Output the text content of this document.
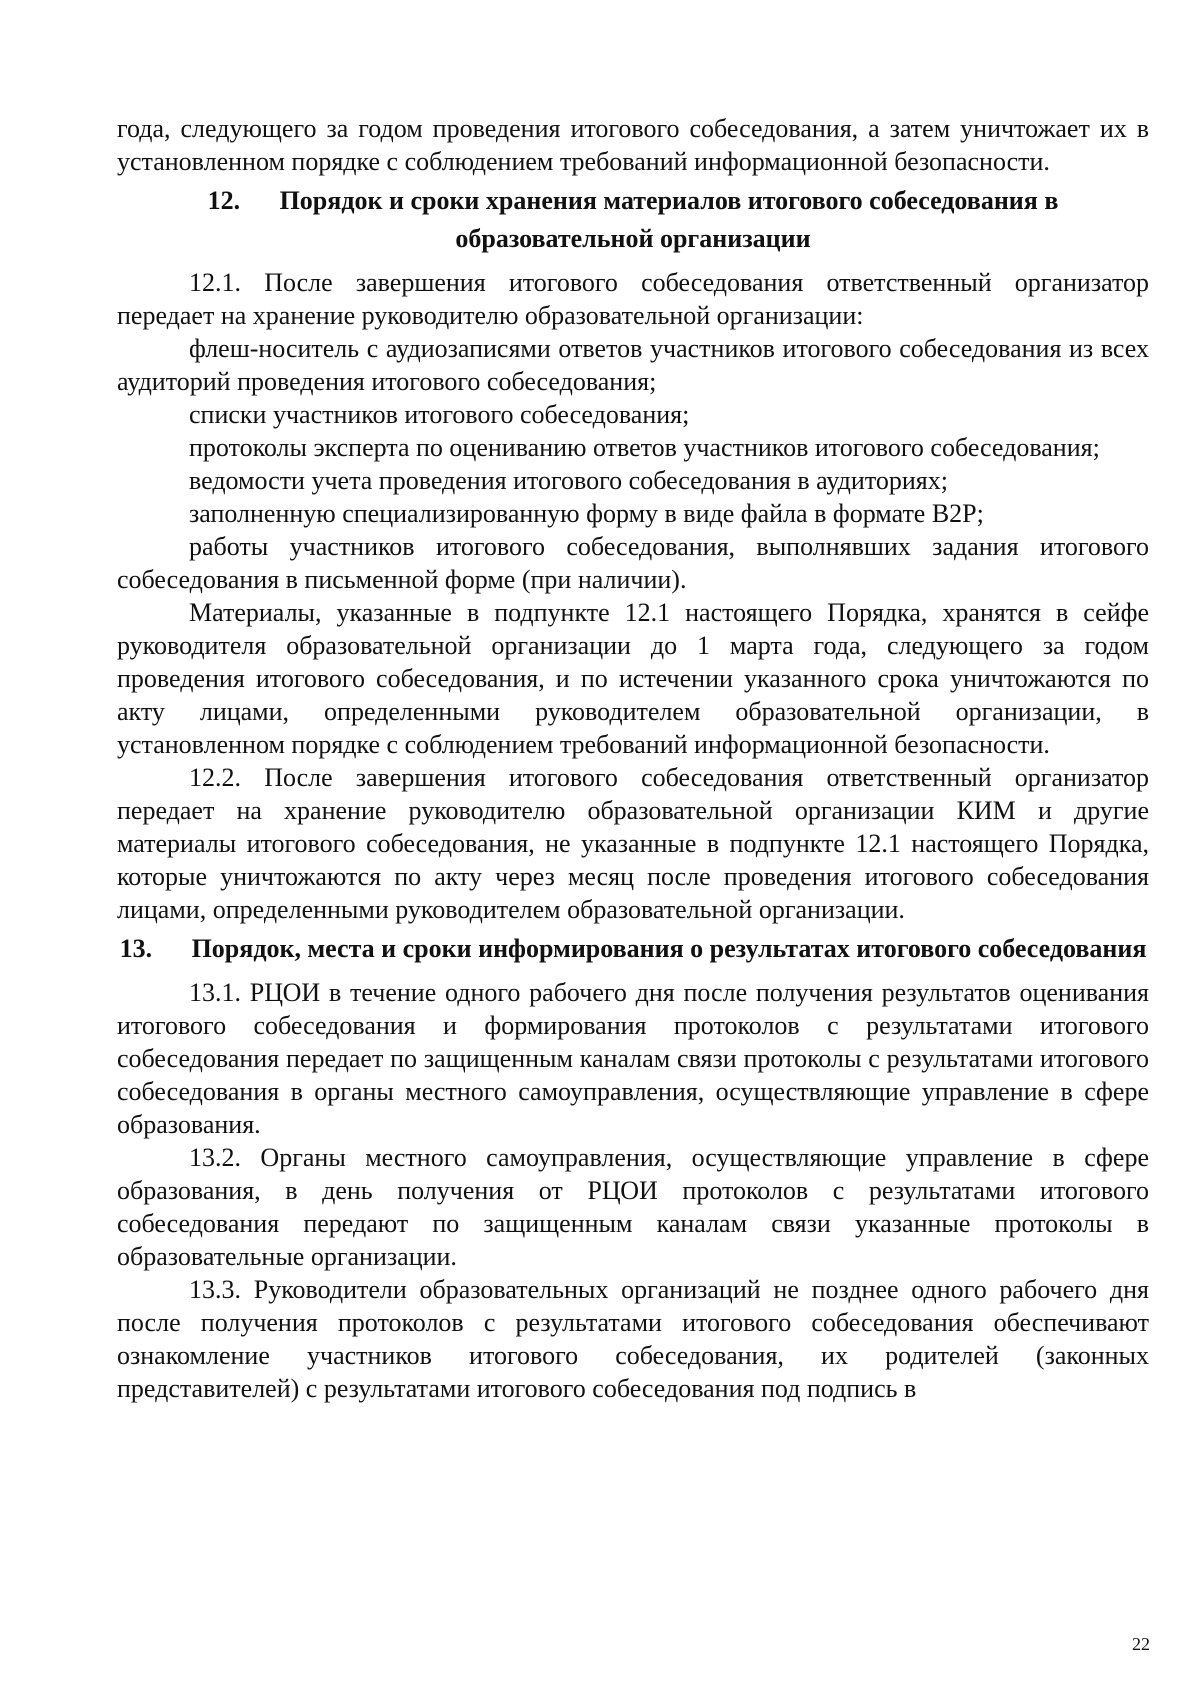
года, следующего за годом проведения итогового собеседования, а затем уничтожает их в установленном порядке с соблюдением требований информационной безопасности.

12. Порядок и сроки хранения материалов итогового собеседования в образовательной организации

12.1. После завершения итогового собеседования ответственный организатор передает на хранение руководителю образовательной организации:

флеш-носитель с аудиозаписями ответов участников итогового собеседования из всех аудиторий проведения итогового собеседования;

списки участников итогового собеседования;

протоколы эксперта по оцениванию ответов участников итогового собеседования;

ведомости учета проведения итогового собеседования в аудиториях;

заполненную специализированную форму в виде файла в формате B2P;

работы участников итогового собеседования, выполнявших задания итогового собеседования в письменной форме (при наличии).

Материалы, указанные в подпункте 12.1 настоящего Порядка, хранятся в сейфе руководителя образовательной организации до 1 марта года, следующего за годом проведения итогового собеседования, и по истечении указанного срока уничтожаются по акту лицами, определенными руководителем образовательной организации, в установленном порядке с соблюдением требований информационной безопасности.

12.2. После завершения итогового собеседования ответственный организатор передает на хранение руководителю образовательной организации КИМ и другие материалы итогового собеседования, не указанные в подпункте 12.1 настоящего Порядка, которые уничтожаются по акту через месяц после проведения итогового собеседования лицами, определенными руководителем образовательной организации.

13. Порядок, места и сроки информирования о результатах итогового собеседования

13.1. РЦОИ в течение одного рабочего дня после получения результатов оценивания итогового собеседования и формирования протоколов с результатами итогового собеседования передает по защищенным каналам связи протоколы с результатами итогового собеседования в органы местного самоуправления, осуществляющие управление в сфере образования.

13.2. Органы местного самоуправления, осуществляющие управление в сфере образования, в день получения от РЦОИ протоколов с результатами итогового собеседования передают по защищенным каналам связи указанные протоколы в образовательные организации.

13.3. Руководители образовательных организаций не позднее одного рабочего дня после получения протоколов с результатами итогового собеседования обеспечивают ознакомление участников итогового собеседования, их родителей (законных представителей) с результатами итогового собеседования под подпись в

22
